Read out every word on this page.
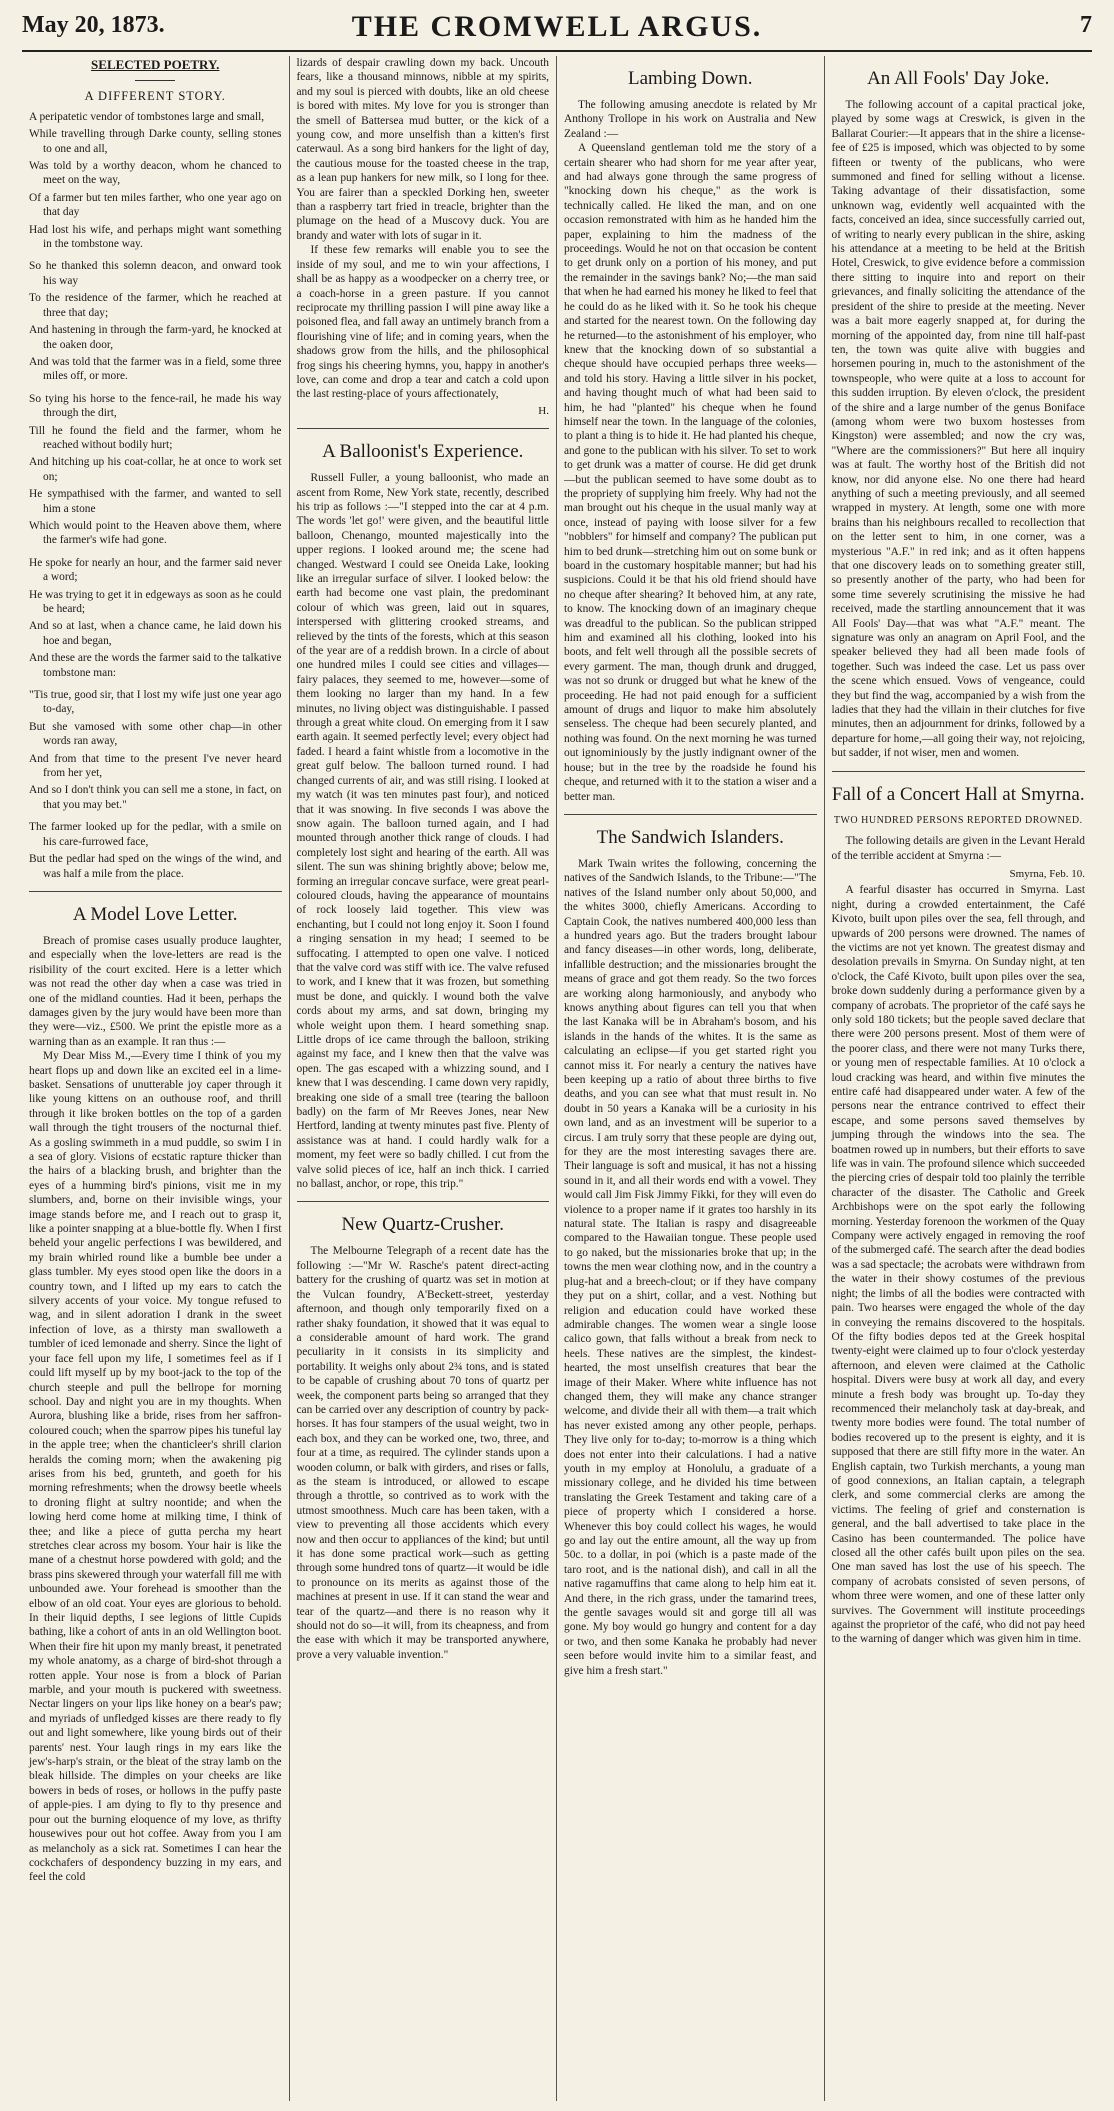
May 20, 1873.	THE CROMWELL ARGUS.	7
SELECTED POETRY.
A DIFFERENT STORY.

A peripatetic vendor of tombstones large and small,

While travelling through Darke county, selling stones to one and all,

Was told by a worthy deacon, whom he chanced to meet on the way,

Of a farmer but ten miles farther, who one year ago on that day

Had lost his wife, and perhaps might want something in the tombstone way.

So he thanked this solemn deacon, and onward took his way

To the residence of the farmer, which he reached at three that day;

And hastening in through the farm-yard, he knocked at the oaken door,

And was told that the farmer was in a field, some three miles off, or more.

So tying his horse to the fence-rail, he made his way through the dirt,

Till he found the field and the farmer, whom he reached without bodily hurt;

And hitching up his coat-collar, he at once to work set on;

He sympathised with the farmer, and wanted to sell him a stone

Which would point to the Heaven above them, where the farmer's wife had gone.

He spoke for nearly an hour, and the farmer said never a word;

He was trying to get it in edgeways as soon as he could be heard;

And so at last, when a chance came, he laid down his hoe and began,

And these are the words the farmer said to the talkative tombstone man:

"Tis true, good sir, that I lost my wife just one year ago to-day,

But she vamosed with some other chap—in other words ran away,

And from that time to the present I've never heard from her yet,

And so I don't think you can sell me a stone, in fact, on that you may bet."

The farmer looked up for the pedlar, with a smile on his care-furrowed face,

But the pedlar had sped on the wings of the wind, and was half a mile from the place.

A Model Love Letter.

Breach of promise cases usually produce laughter, and especially when the love-letters are read is the risibility of the court excited. Here is a letter which was not read the other day when a case was tried in one of the midland counties. Had it been, perhaps the damages given by the jury would have been more than they were—viz., £500. We print the epistle more as a warning than as an example. It ran thus :—

My Dear Miss M.,—Every time I think of you my heart flops up and down like an excited eel in a lime-basket. Sensations of unutterable joy caper through it like young kittens on an outhouse roof, and thrill through it like broken bottles on the top of a garden wall through the tight trousers of the nocturnal thief. As a gosling swimmeth in a mud puddle, so swim I in a sea of glory. Visions of ecstatic rapture thicker than the hairs of a blacking brush, and brighter than the eyes of a humming bird's pinions, visit me in my slumbers, and, borne on their invisible wings, your image stands before me, and I reach out to grasp it, like a pointer snapping at a blue-bottle fly. When I first beheld your angelic perfections I was bewildered, and my brain whirled round like a bumble bee under a glass tumbler. My eyes stood open like the doors in a country town, and I lifted up my ears to catch the silvery accents of your voice. My tongue refused to wag, and in silent adoration I drank in the sweet infection of love, as a thirsty man swalloweth a tumbler of iced lemonade and sherry. Since the light of your face fell upon my life, I sometimes feel as if I could lift myself up by my boot-jack to the top of the church steeple and pull the bellrope for morning school. Day and night you are in my thoughts. When Aurora, blushing like a bride, rises from her saffron-coloured couch; when the sparrow pipes his tuneful lay in the apple tree; when the chanticleer's shrill clarion heralds the coming morn; when the awakening pig arises from his bed, grunteth, and goeth for his morning refreshments; when the drowsy beetle wheels to droning flight at sultry noontide; and when the lowing herd come home at milking time, I think of thee; and like a piece of gutta percha my heart stretches clear across my bosom. Your hair is like the mane of a chestnut horse powdered with gold; and the brass pins skewered through your waterfall fill me with unbounded awe. Your forehead is smoother than the elbow of an old coat. Your eyes are glorious to behold. In their liquid depths, I see legions of little Cupids bathing, like a cohort of ants in an old Wellington boot. When their fire hit upon my manly breast, it penetrated my whole anatomy, as a charge of bird-shot through a rotten apple. Your nose is from a block of Parian marble, and your mouth is puckered with sweetness. Nectar lingers on your lips like honey on a bear's paw; and myriads of unfledged kisses are there ready to fly out and light somewhere, like young birds out of their parents' nest. Your laugh rings in my ears like the jew's-harp's strain, or the bleat of the stray lamb on the bleak hillside. The dimples on your cheeks are like bowers in beds of roses, or hollows in the puffy paste of apple-pies. I am dying to fly to thy presence and pour out the burning eloquence of my love, as thrifty housewives pour out hot coffee. Away from you I am as melancholy as a sick rat. Sometimes I can hear the cockchafers of despondency buzzing in my ears, and feel the cold

lizards of despair crawling down my back. Uncouth fears, like a thousand minnows, nibble at my spirits, and my soul is pierced with doubts, like an old cheese is bored with mites. My love for you is stronger than the smell of Battersea mud butter, or the kick of a young cow, and more unselfish than a kitten's first caterwaul. As a song bird hankers for the light of day, the cautious mouse for the toasted cheese in the trap, as a lean pup hankers for new milk, so I long for thee. You are fairer than a speckled Dorking hen, sweeter than a raspberry tart fried in treacle, brighter than the plumage on the head of a Muscovy duck. You are brandy and water with lots of sugar in it.

If these few remarks will enable you to see the inside of my soul, and me to win your affections, I shall be as happy as a woodpecker on a cherry tree, or a coach-horse in a green pasture. If you cannot reciprocate my thrilling passion I will pine away like a poisoned flea, and fall away an untimely branch from a flourishing vine of life; and in coming years, when the shadows grow from the hills, and the philosophical frog sings his cheering hymns, you, happy in another's love, can come and drop a tear and catch a cold upon the last resting-place of yours affectionately,

H.
A Balloonist's Experience.

Russell Fuller, a young balloonist, who made an ascent from Rome, New York state, recently, described his trip as follows :—"I stepped into the car at 4 p.m. The words 'let go!' were given, and the beautiful little balloon, Chenango, mounted majestically into the upper regions. I looked around me; the scene had changed. Westward I could see Oneida Lake, looking like an irregular surface of silver. I looked below: the earth had become one vast plain, the predominant colour of which was green, laid out in squares, interspersed with glittering crooked streams, and relieved by the tints of the forests, which at this season of the year are of a reddish brown. In a circle of about one hundred miles I could see cities and villages—fairy palaces, they seemed to me, however—some of them looking no larger than my hand. In a few minutes, no living object was distinguishable. I passed through a great white cloud. On emerging from it I saw earth again. It seemed perfectly level; every object had faded. I heard a faint whistle from a locomotive in the great gulf below. The balloon turned round. I had changed currents of air, and was still rising. I looked at my watch (it was ten minutes past four), and noticed that it was snowing. In five seconds I was above the snow again. The balloon turned again, and I had mounted through another thick range of clouds. I had completely lost sight and hearing of the earth. All was silent. The sun was shining brightly above; below me, forming an irregular concave surface, were great pearl-coloured clouds, having the appearance of mountains of rock loosely laid together. This view was enchanting, but I could not long enjoy it. Soon I found a ringing sensation in my head; I seemed to be suffocating. I attempted to open one valve. I noticed that the valve cord was stiff with ice. The valve refused to work, and I knew that it was frozen, but something must be done, and quickly. I wound both the valve cords about my arms, and sat down, bringing my whole weight upon them. I heard something snap. Little drops of ice came through the balloon, striking against my face, and I knew then that the valve was open. The gas escaped with a whizzing sound, and I knew that I was descending. I came down very rapidly, breaking one side of a small tree (tearing the balloon badly) on the farm of Mr Reeves Jones, near New Hertford, landing at twenty minutes past five. Plenty of assistance was at hand. I could hardly walk for a moment, my feet were so badly chilled. I cut from the valve solid pieces of ice, half an inch thick. I carried no ballast, anchor, or rope, this trip."

New Quartz-Crusher.

The Melbourne Telegraph of a recent date has the following :—"Mr W. Rasche's patent direct-acting battery for the crushing of quartz was set in motion at the Vulcan foundry, A'Beckett-street, yesterday afternoon, and though only temporarily fixed on a rather shaky foundation, it showed that it was equal to a considerable amount of hard work. The grand peculiarity in it consists in its simplicity and portability. It weighs only about 2¾ tons, and is stated to be capable of crushing about 70 tons of quartz per week, the component parts being so arranged that they can be carried over any description of country by pack-horses. It has four stampers of the usual weight, two in each box, and they can be worked one, two, three, and four at a time, as required. The cylinder stands upon a wooden column, or balk with girders, and rises or falls, as the steam is introduced, or allowed to escape through a throttle, so contrived as to work with the utmost smoothness. Much care has been taken, with a view to preventing all those accidents which every now and then occur to appliances of the kind; but until it has done some practical work—such as getting through some hundred tons of quartz—it would be idle to pronounce on its merits as against those of the machines at present in use. If it can stand the wear and tear of the quartz—and there is no reason why it should not do so—it will, from its cheapness, and from the ease with which it may be transported anywhere, prove a very valuable invention."

Lambing Down.

The following amusing anecdote is related by Mr Anthony Trollope in his work on Australia and New Zealand :—

A Queensland gentleman told me the story of a certain shearer who had shorn for me year after year, and had always gone through the same progress of "knocking down his cheque," as the work is technically called. He liked the man, and on one occasion remonstrated with him as he handed him the paper, explaining to him the madness of the proceedings. Would he not on that occasion be content to get drunk only on a portion of his money, and put the remainder in the savings bank? No;—the man said that when he had earned his money he liked to feel that he could do as he liked with it. So he took his cheque and started for the nearest town. On the following day he returned—to the astonishment of his employer, who knew that the knocking down of so substantial a cheque should have occupied perhaps three weeks—and told his story. Having a little silver in his pocket, and having thought much of what had been said to him, he had "planted" his cheque when he found himself near the town. In the language of the colonies, to plant a thing is to hide it. He had planted his cheque, and gone to the publican with his silver. To set to work to get drunk was a matter of course. He did get drunk—but the publican seemed to have some doubt as to the propriety of supplying him freely. Why had not the man brought out his cheque in the usual manly way at once, instead of paying with loose silver for a few "nobblers" for himself and company? The publican put him to bed drunk—stretching him out on some bunk or board in the customary hospitable manner; but had his suspicions. Could it be that his old friend should have no cheque after shearing? It behoved him, at any rate, to know. The knocking down of an imaginary cheque was dreadful to the publican. So the publican stripped him and examined all his clothing, looked into his boots, and felt well through all the possible secrets of every garment. The man, though drunk and drugged, was not so drunk or drugged but what he knew of the proceeding. He had not paid enough for a sufficient amount of drugs and liquor to make him absolutely senseless. The cheque had been securely planted, and nothing was found. On the next morning he was turned out ignominiously by the justly indignant owner of the house; but in the tree by the roadside he found his cheque, and returned with it to the station a wiser and a better man.

The Sandwich Islanders.

Mark Twain writes the following, concerning the natives of the Sandwich Islands, to the Tribune:—"The natives of the Island number only about 50,000, and the whites 3000, chiefly Americans. According to Captain Cook, the natives numbered 400,000 less than a hundred years ago. But the traders brought labour and fancy diseases—in other words, long, deliberate, infallible destruction; and the missionaries brought the means of grace and got them ready. So the two forces are working along harmoniously, and anybody who knows anything about figures can tell you that when the last Kanaka will be in Abraham's bosom, and his islands in the hands of the whites. It is the same as calculating an eclipse—if you get started right you cannot miss it. For nearly a century the natives have been keeping up a ratio of about three births to five deaths, and you can see what that must result in. No doubt in 50 years a Kanaka will be a curiosity in his own land, and as an investment will be superior to a circus. I am truly sorry that these people are dying out, for they are the most interesting savages there are. Their language is soft and musical, it has not a hissing sound in it, and all their words end with a vowel. They would call Jim Fisk Jimmy Fikki, for they will even do violence to a proper name if it grates too harshly in its natural state. The Italian is raspy and disagreeable compared to the Hawaiian tongue. These people used to go naked, but the missionaries broke that up; in the towns the men wear clothing now, and in the country a plug-hat and a breech-clout; or if they have company they put on a shirt, collar, and a vest. Nothing but religion and education could have worked these admirable changes. The women wear a single loose calico gown, that falls without a break from neck to heels. These natives are the simplest, the kindest-hearted, the most unselfish creatures that bear the image of their Maker. Where white influence has not changed them, they will make any chance stranger welcome, and divide their all with them—a trait which has never existed among any other people, perhaps. They live only for to-day; to-morrow is a thing which does not enter into their calculations. I had a native youth in my employ at Honolulu, a graduate of a missionary college, and he divided his time between translating the Greek Testament and taking care of a piece of property which I considered a horse. Whenever this boy could collect his wages, he would go and lay out the entire amount, all the way up from 50c. to a dollar, in poi (which is a paste made of the taro root, and is the national dish), and call in all the native ragamuffins that came along to help him eat it. And there, in the rich grass, under the tamarind trees, the gentle savages would sit and gorge till all was gone. My boy would go hungry and content for a day or two, and then some Kanaka he probably had never seen before would invite him to a similar feast, and give him a fresh start."

An All Fools' Day Joke.

The following account of a capital practical joke, played by some wags at Creswick, is given in the Ballarat Courier:—It appears that in the shire a license-fee of £25 is imposed, which was objected to by some fifteen or twenty of the publicans, who were summoned and fined for selling without a license. Taking advantage of their dissatisfaction, some unknown wag, evidently well acquainted with the facts, conceived an idea, since successfully carried out, of writing to nearly every publican in the shire, asking his attendance at a meeting to be held at the British Hotel, Creswick, to give evidence before a commission there sitting to inquire into and report on their grievances, and finally soliciting the attendance of the president of the shire to preside at the meeting. Never was a bait more eagerly snapped at, for during the morning of the appointed day, from nine till half-past ten, the town was quite alive with buggies and horsemen pouring in, much to the astonishment of the townspeople, who were quite at a loss to account for this sudden irruption. By eleven o'clock, the president of the shire and a large number of the genus Boniface (among whom were two buxom hostesses from Kingston) were assembled; and now the cry was, "Where are the commissioners?" But here all inquiry was at fault. The worthy host of the British did not know, nor did anyone else. No one there had heard anything of such a meeting previously, and all seemed wrapped in mystery. At length, some one with more brains than his neighbours recalled to recollection that on the letter sent to him, in one corner, was a mysterious "A.F." in red ink; and as it often happens that one discovery leads on to something greater still, so presently another of the party, who had been for some time severely scrutinising the missive he had received, made the startling announcement that it was All Fools' Day—that was what "A.F." meant. The signature was only an anagram on April Fool, and the speaker believed they had all been made fools of together. Such was indeed the case. Let us pass over the scene which ensued. Vows of vengeance, could they but find the wag, accompanied by a wish from the ladies that they had the villain in their clutches for five minutes, then an adjournment for drinks, followed by a departure for home,—all going their way, not rejoicing, but sadder, if not wiser, men and women.

Fall of a Concert Hall at Smyrna.
TWO HUNDRED PERSONS REPORTED DROWNED.

The following details are given in the Levant Herald of the terrible accident at Smyrna :—

Smyrna, Feb. 10.

A fearful disaster has occurred in Smyrna. Last night, during a crowded entertainment, the Café Kivoto, built upon piles over the sea, fell through, and upwards of 200 persons were drowned. The names of the victims are not yet known. The greatest dismay and desolation prevails in Smyrna. On Sunday night, at ten o'clock, the Café Kivoto, built upon piles over the sea, broke down suddenly during a performance given by a company of acrobats. The proprietor of the café says he only sold 180 tickets; but the people saved declare that there were 200 persons present. Most of them were of the poorer class, and there were not many Turks there, or young men of respectable families. At 10 o'clock a loud cracking was heard, and within five minutes the entire café had disappeared under water. A few of the persons near the entrance contrived to effect their escape, and some persons saved themselves by jumping through the windows into the sea. The boatmen rowed up in numbers, but their efforts to save life was in vain. The profound silence which succeeded the piercing cries of despair told too plainly the terrible character of the disaster. The Catholic and Greek Archbishops were on the spot early the following morning. Yesterday forenoon the workmen of the Quay Company were actively engaged in removing the roof of the submerged café. The search after the dead bodies was a sad spectacle; the acrobats were withdrawn from the water in their showy costumes of the previous night; the limbs of all the bodies were contracted with pain. Two hearses were engaged the whole of the day in conveying the remains discovered to the hospitals. Of the fifty bodies depos ted at the Greek hospital twenty-eight were claimed up to four o'clock yesterday afternoon, and eleven were claimed at the Catholic hospital. Divers were busy at work all day, and every minute a fresh body was brought up. To-day they recommenced their melancholy task at day-break, and twenty more bodies were found. The total number of bodies recovered up to the present is eighty, and it is supposed that there are still fifty more in the water. An English captain, two Turkish merchants, a young man of good connexions, an Italian captain, a telegraph clerk, and some commercial clerks are among the victims. The feeling of grief and consternation is general, and the ball advertised to take place in the Casino has been countermanded. The police have closed all the other cafés built upon piles on the sea. One man saved has lost the use of his speech. The company of acrobats consisted of seven persons, of whom three were women, and one of these latter only survives. The Government will institute proceedings against the proprietor of the café, who did not pay heed to the warning of danger which was given him in time.
